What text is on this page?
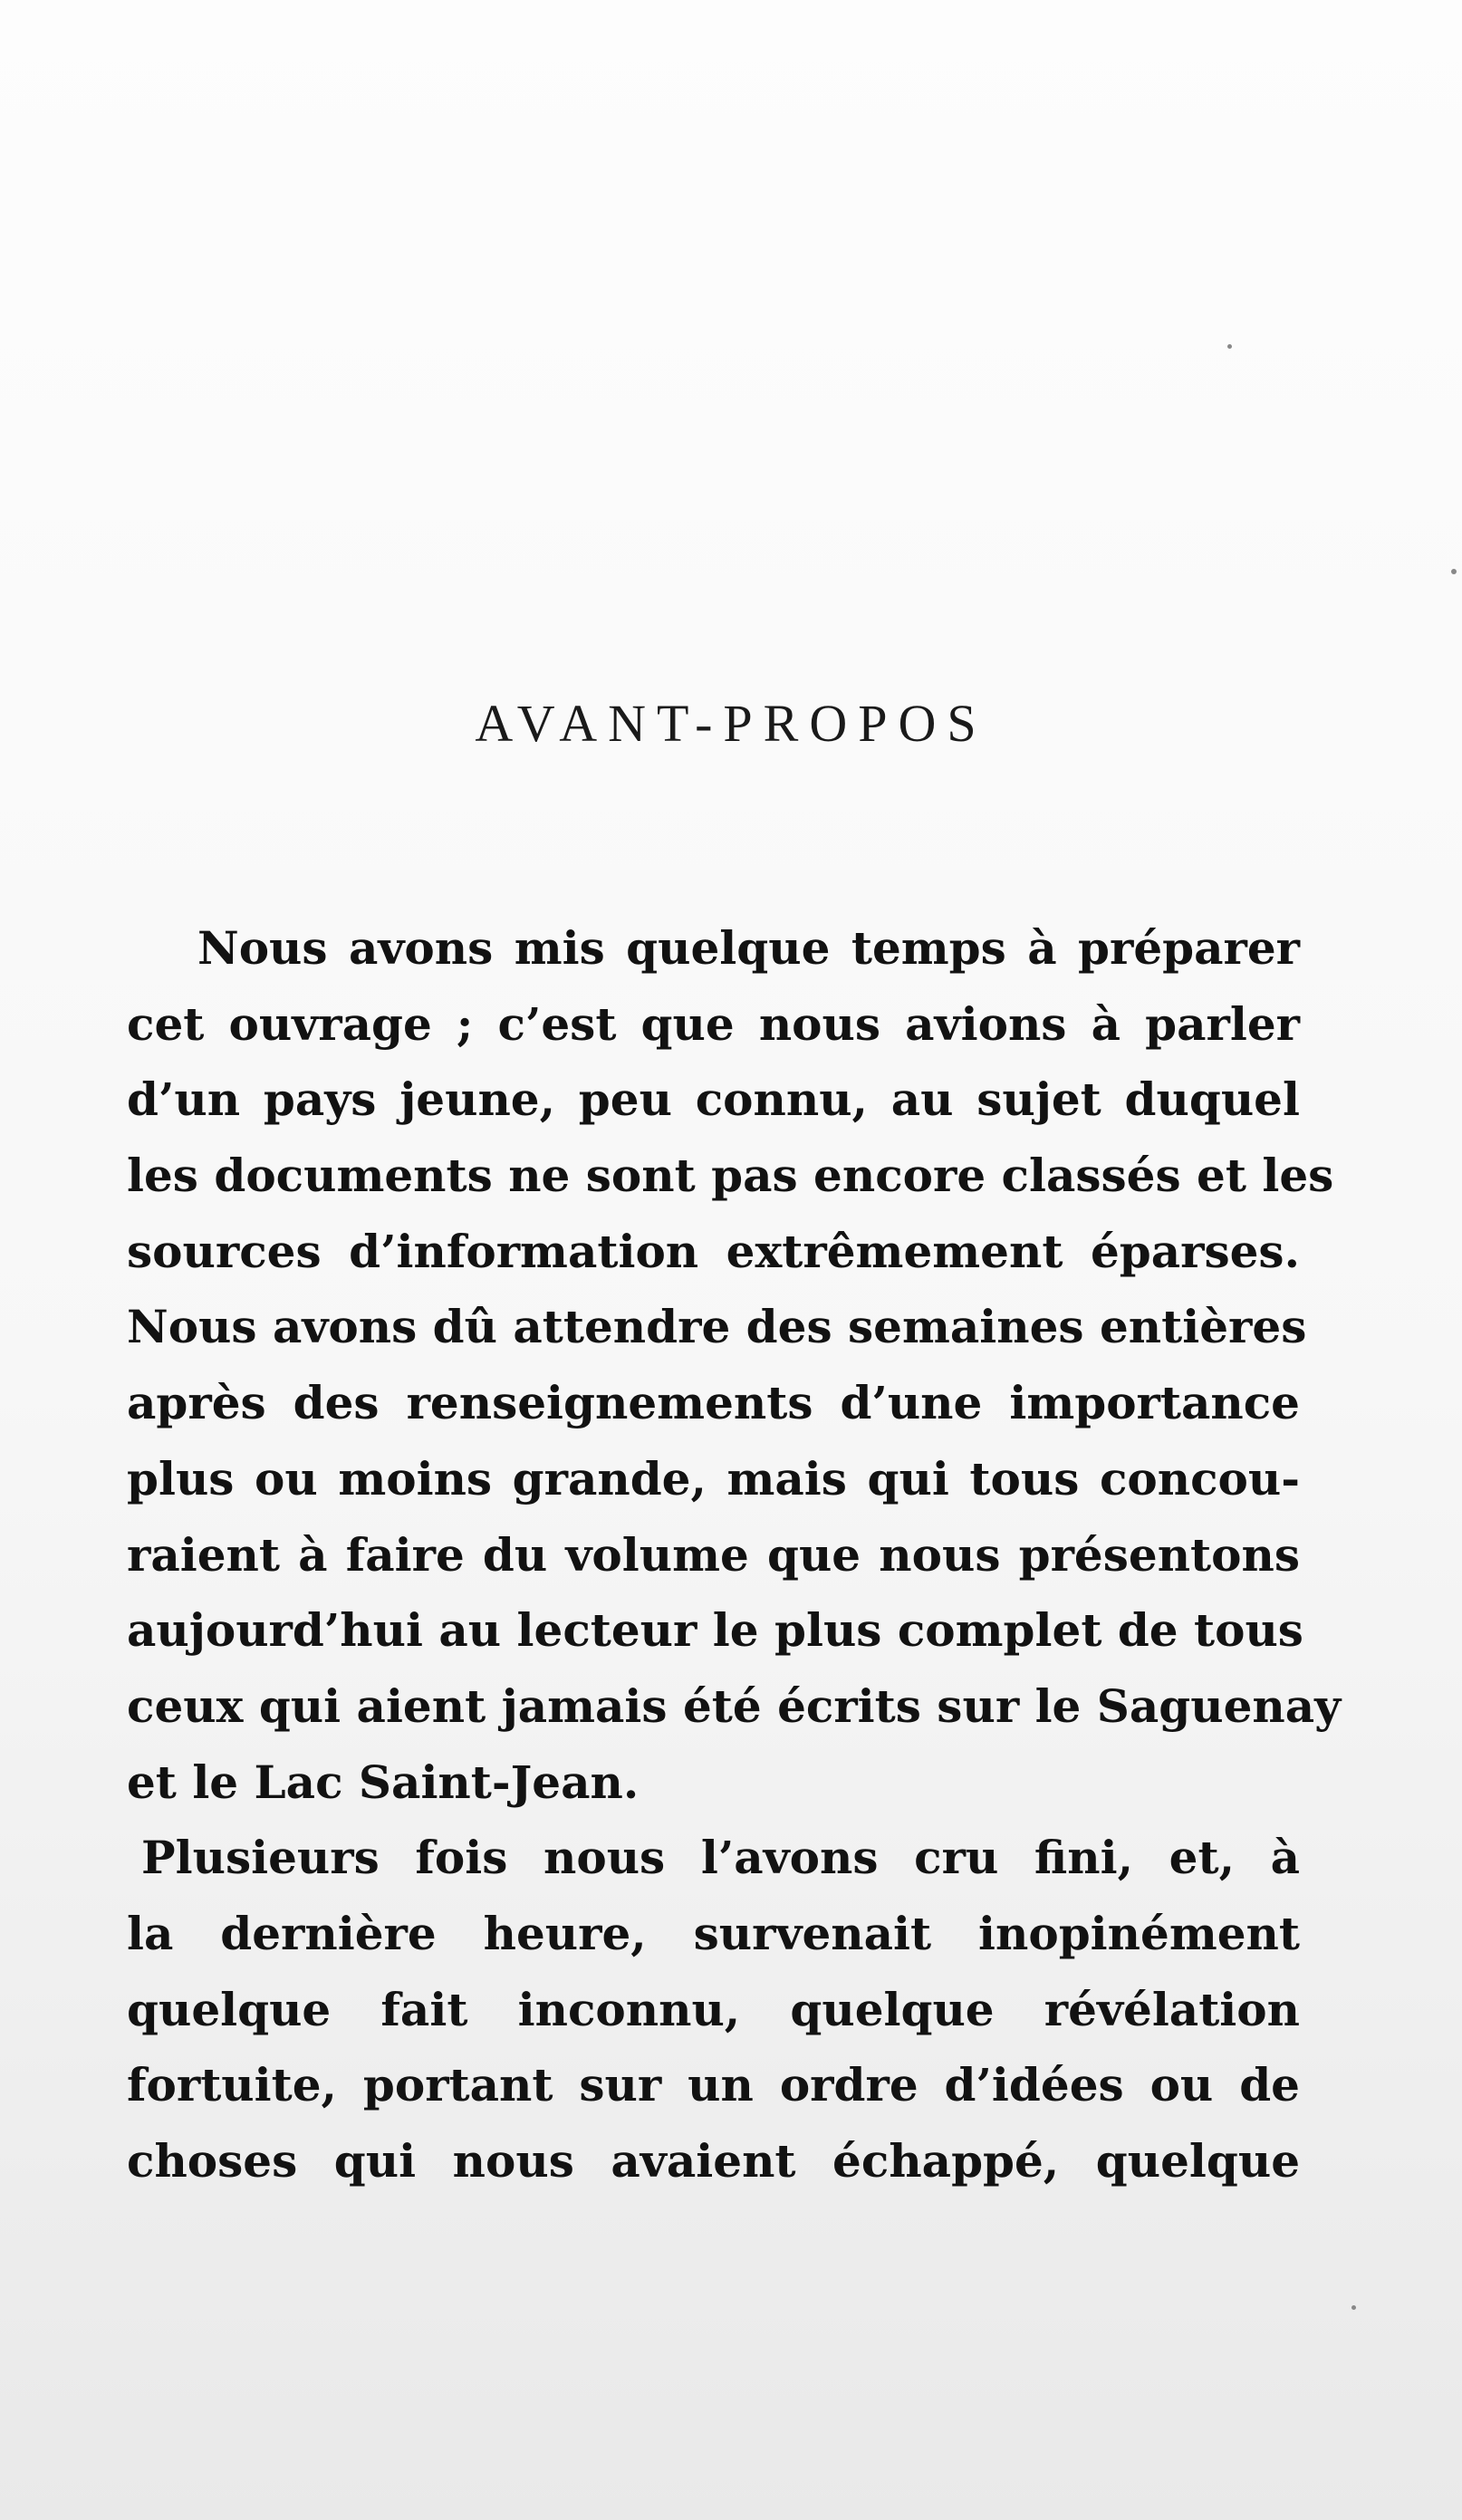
AVANT-PROPOS
Nous avons mis quelque temps à préparer
cet ouvrage ; c’est que nous avions à parler
d’un pays jeune, peu connu, au sujet duquel
les documents ne sont pas encore classés et les
sources d’information extrêmement éparses.
Nous avons dû attendre des semaines entières
après des renseignements d’une importance
plus ou moins grande, mais qui tous concou-
raient à faire du volume que nous présentons
aujourd’hui au lecteur le plus complet de tous
ceux qui aient jamais été écrits sur le Saguenay
et le Lac Saint-Jean.
Plusieurs fois nous l’avons cru fini, et, à
la dernière heure, survenait inopinément
quelque fait inconnu, quelque révélation
fortuite, portant sur un ordre d’idées ou de
choses qui nous avaient échappé, quelque
